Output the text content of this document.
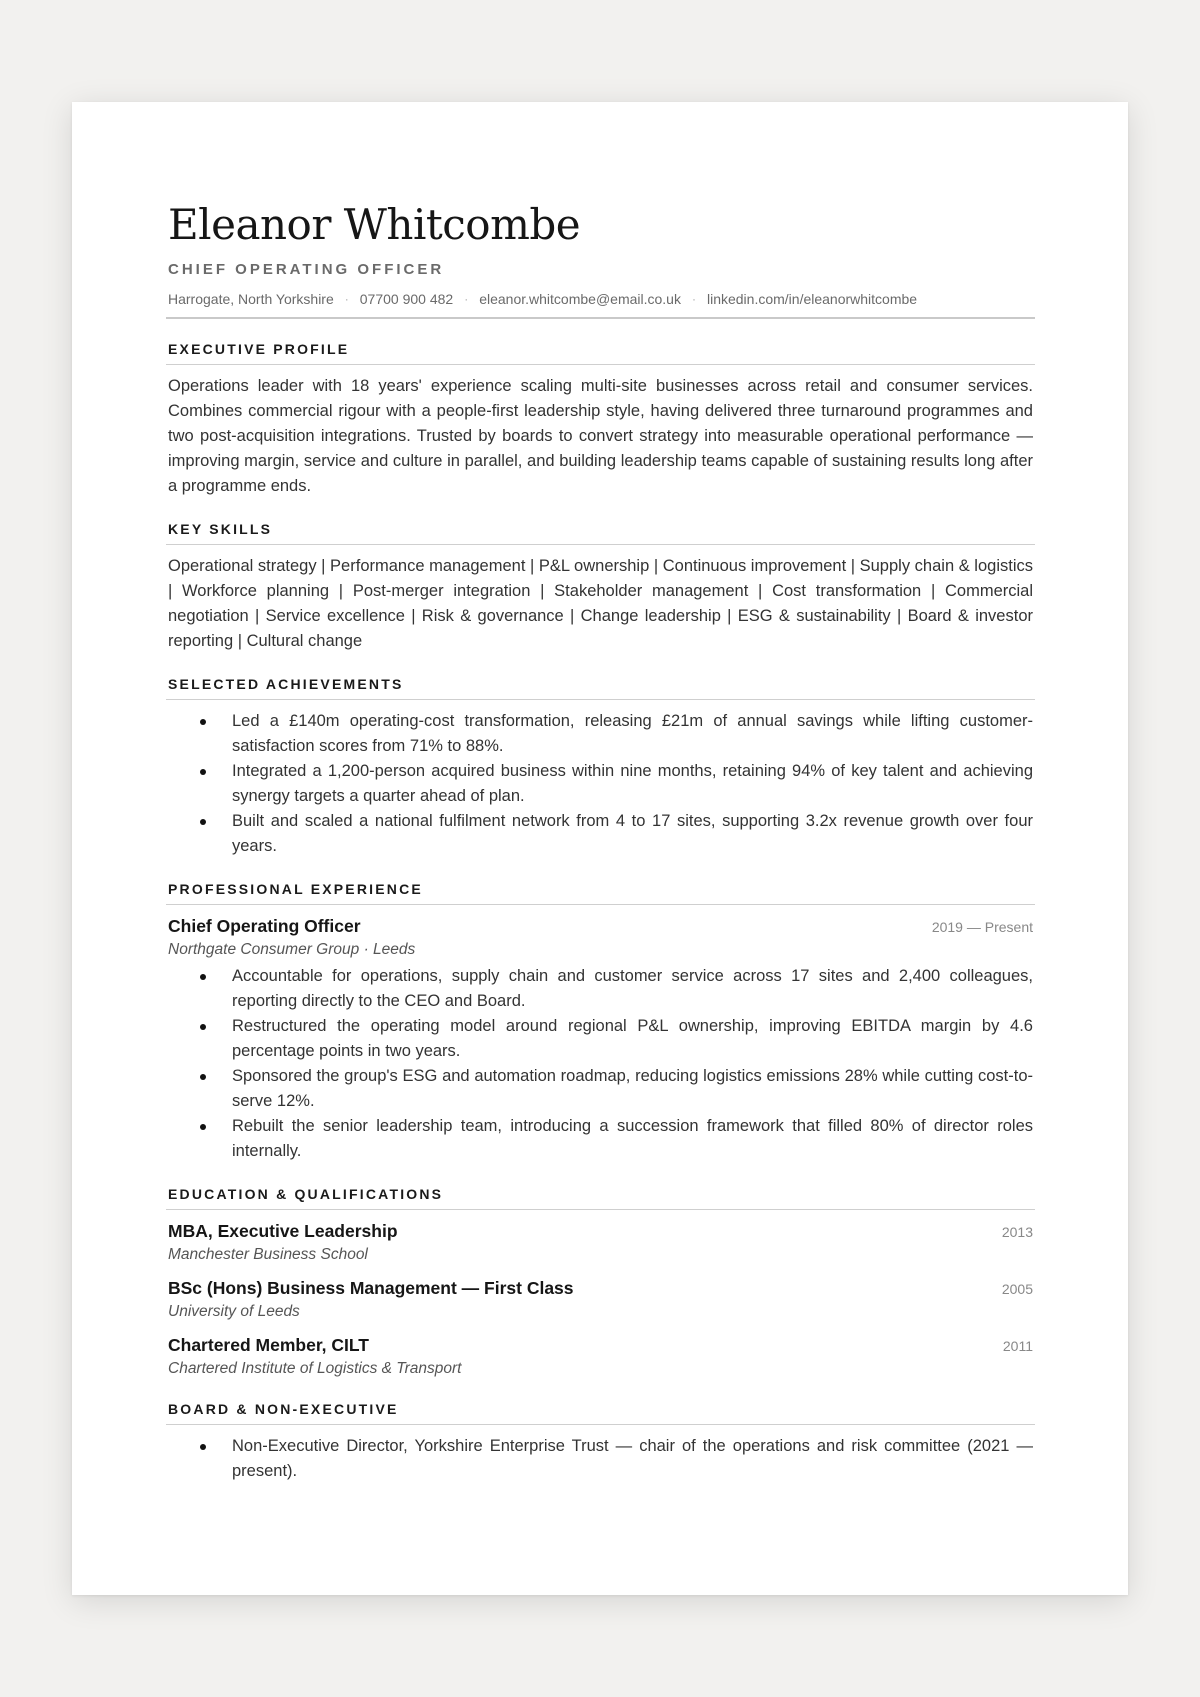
Eleanor Whitcombe
CHIEF OPERATING OFFICER
Harrogate, North Yorkshire · 07700 900 482 · eleanor.whitcombe@email.co.uk · linkedin.com/in/eleanorwhitcombe
EXECUTIVE PROFILE

Operations leader with 18 years' experience scaling multi-site businesses across retail and consumer services. Combines commercial rigour with a people-first leadership style, having delivered three turnaround programmes and two post-acquisition integrations. Trusted by boards to convert strategy into measurable operational performance — improving margin, service and culture in parallel, and building leadership teams capable of sustaining results long after a programme ends.

KEY SKILLS

Operational strategy | Performance management | P&L ownership | Continuous improvement | Supply chain & logistics | Workforce planning | Post-merger integration | Stakeholder management | Cost transformation | Commercial negotiation | Service excellence | Risk & governance | Change leadership | ESG & sustainability | Board & investor reporting | Cultural change

SELECTED ACHIEVEMENTS
Led a £140m operating-cost transformation, releasing £21m of annual savings while lifting customer-satisfaction scores from 71% to 88%.
Integrated a 1,200-person acquired business within nine months, retaining 94% of key talent and achieving synergy targets a quarter ahead of plan.
Built and scaled a national fulfilment network from 4 to 17 sites, supporting 3.2x revenue growth over four years.
PROFESSIONAL EXPERIENCE
Chief Operating Officer	2019 — Present
Northgate Consumer Group · Leeds
Accountable for operations, supply chain and customer service across 17 sites and 2,400 colleagues, reporting directly to the CEO and Board.
Restructured the operating model around regional P&L ownership, improving EBITDA margin by 4.6 percentage points in two years.
Sponsored the group's ESG and automation roadmap, reducing logistics emissions 28% while cutting cost-to-serve 12%.
Rebuilt the senior leadership team, introducing a succession framework that filled 80% of director roles internally.
EDUCATION & QUALIFICATIONS
MBA, Executive Leadership	2013
Manchester Business School
BSc (Hons) Business Management — First Class	2005
University of Leeds
Chartered Member, CILT	2011
Chartered Institute of Logistics & Transport
BOARD & NON-EXECUTIVE
Non-Executive Director, Yorkshire Enterprise Trust — chair of the operations and risk committee (2021 — present).
